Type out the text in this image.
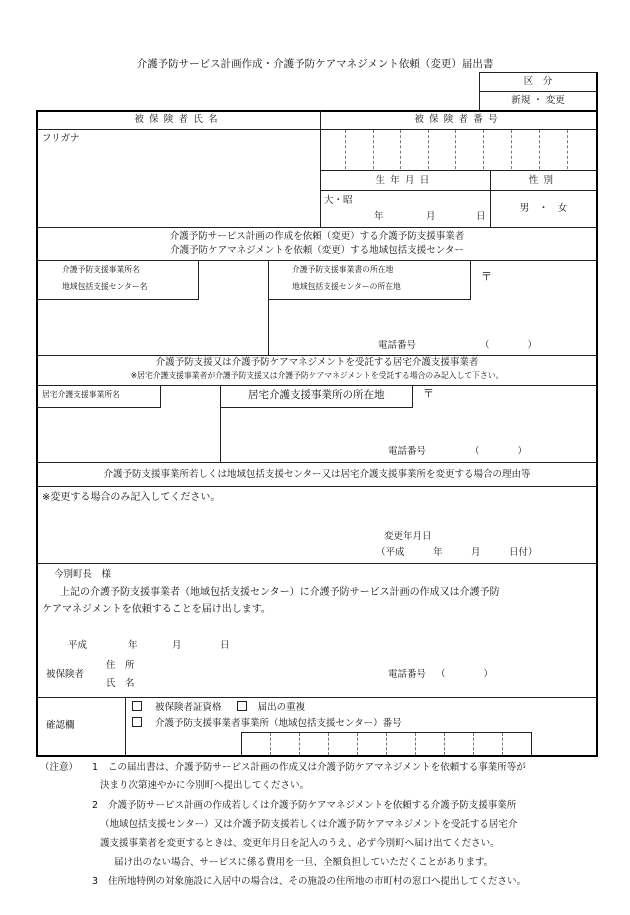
介護予防サービス計画作成・介護予防ケアマネジメント依頼（変更）届出書
区　分
新規 ・ 変更
被保険者氏名	被保険者番号
フリガナ
生年月日	性別
大・昭
年	月	日
男　・　女
介護予防サービス計画の作成を依頼（変更）する介護予防支援事業者
介護予防ケアマネジメントを依頼（変更）する地域包括支援センター
介護予防支援事業所名
地域包括支援センター名
介護予防支援事業書の所在地
地域包括支援センターの所在地
〒
電話番号	（　　　　）
介護予防支援又は介護予防ケアマネジメントを受託する居宅介護支援事業者
※居宅介護支援事業者が介護予防支援又は介護予防ケアマネジメントを受託する場合のみ記入して下さい。
居宅介護支援事業所名	居宅介護支援事業所の所在地	〒
電話番号	（　　　　）
介護予防支援事業所若しくは地域包括支援センター又は居宅介護支援事業所を変更する場合の理由等
※変更する場合のみ記入してください。
変更年月日
（平成　　　年　　　月　　　日付）
今別町長　様
上記の介護予防支援事業者（地域包括支援センター）に介護予防サービス計画の作成又は介護予防
ケアマネジメントを依頼することを届け出します。
平成	年	月	日
被保険者
住　所
氏　名
電話番号 （　　　　）
確認欄
被保険者証資格	届出の重複
介護予防支援事業者事業所（地域包括支援センター）番号
（注意） 1 この届出書は、介護予防サービス計画の作成又は介護予防ケアマネジメントを依頼する事業所等が
決まり次第速やかに今別町へ提出してください。
2 介護予防サービス計画の作成若しくは介護予防ケアマネジメントを依頼する介護予防支援事業所
（地域包括支援センター）又は介護予防支援若しくは介護予防ケアマネジメントを受託する居宅介
護支援事業者を変更するときは、変更年月日を記入のうえ、必ず今別町へ届け出てください。
届け出のない場合、サービスに係る費用を一旦、全額負担していただくことがあります。
3 住所地特例の対象施設に入居中の場合は、その施設の住所地の市町村の窓口へ提出してください。
